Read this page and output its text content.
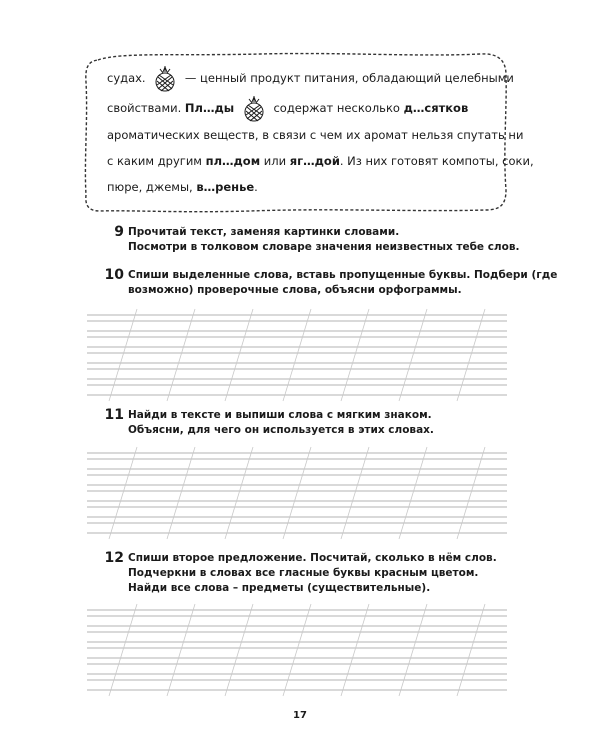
судах.	— ценный продукт питания, обладающий целебными
свойствами. Пл…ды	содержат несколько д…сятков
ароматических веществ, в связи с чем их аромат нельзя спутать ни
с каким другим пл…дом или яг…дой. Из них готовят компоты, соки,
пюре, джемы, в…ренье.
9 Прочитай текст, заменяя картинки словами.
Посмотри в толковом словаре значения неизвестных тебе слов.
10 Спиши выделенные слова, вставь пропущенные буквы. Подбери (где
возможно) проверочные слова, объясни орфограммы.
11 Найди в тексте и выпиши слова с мягким знаком.
Объясни, для чего он используется в этих словах.
12 Спиши второе предложение. Посчитай, сколько в нём слов.
Подчеркни в словах все гласные буквы красным цветом.
Найди все слова – предметы (существительные).
17
